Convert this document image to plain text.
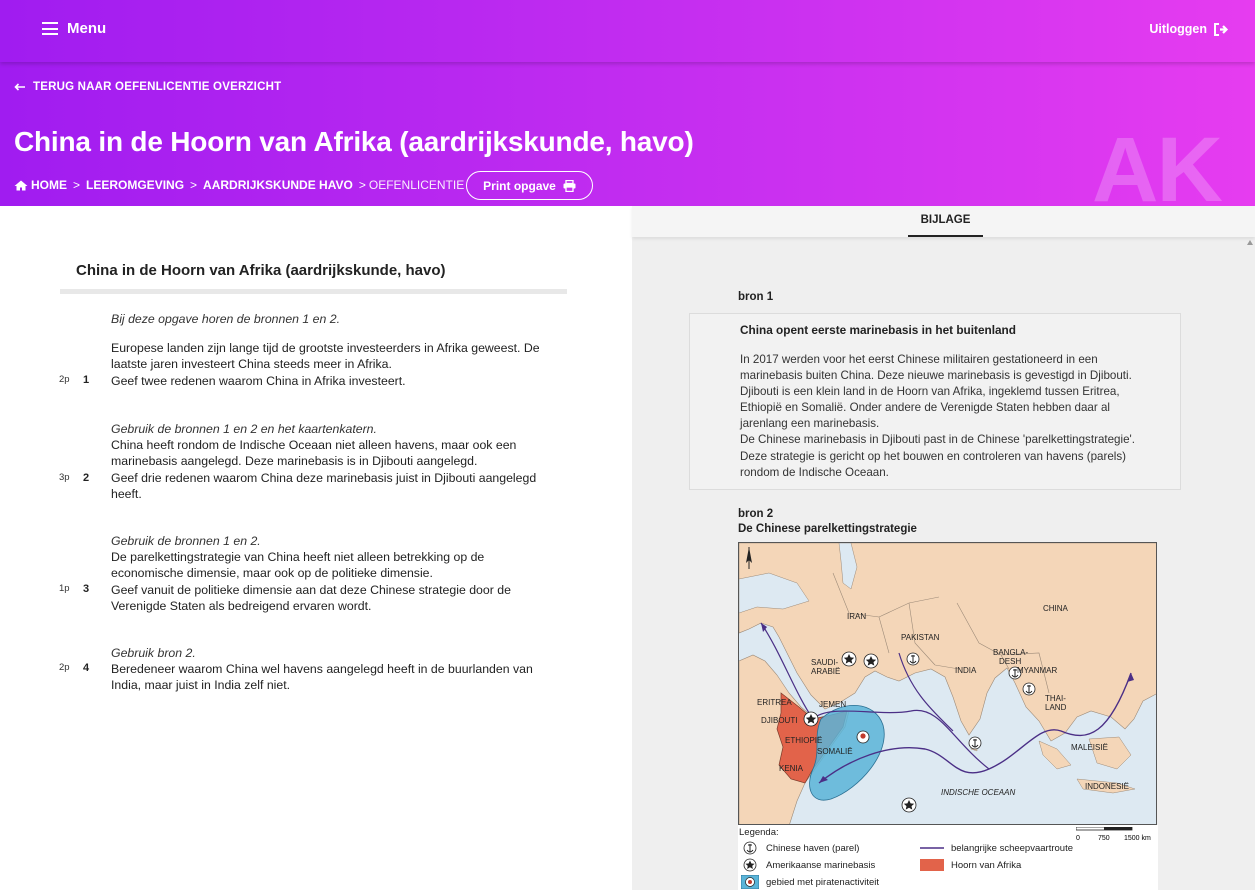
Menu	Uitloggen
TERUG NAAR OEFENLICENTIE OVERZICHT
China in de Hoorn van Afrika (aardrijkskunde, havo)
HOME > LEEROMGEVING > AARDRIJKSKUNDE HAVO > OEFENLICENTIE Print opgave	AK
China in de Hoorn van Afrika (aardrijkskunde, havo)
Bij deze opgave horen de bronnen 1 en 2.
Europese landen zijn lange tijd de grootste investeerders in Afrika geweest. De laatste jaren investeert China steeds meer in Afrika.
2p 1 Geef twee redenen waarom China in Afrika investeert.
Gebruik de bronnen 1 en 2 en het kaartenkatern.
China heeft rondom de Indische Oceaan niet alleen havens, maar ook een marinebasis aangelegd. Deze marinebasis is in Djibouti aangelegd.
3p 2 Geef drie redenen waarom China deze marinebasis juist in Djibouti aangelegd heeft.
Gebruik de bronnen 1 en 2.
De parelkettingstrategie van China heeft niet alleen betrekking op de economische dimensie, maar ook op de politieke dimensie.
1p 3 Geef vanuit de politieke dimensie aan dat deze Chinese strategie door de Verenigde Staten als bedreigend ervaren wordt.
Gebruik bron 2.
2p 4 Beredeneer waarom China wel havens aangelegd heeft in de buurlanden van India, maar juist in India zelf niet.
BIJLAGE
bron 1
China opent eerste marinebasis in het buitenland
In 2017 werden voor het eerst Chinese militairen gestationeerd in een marinebasis buiten China. Deze nieuwe marinebasis is gevestigd in Djibouti. Djibouti is een klein land in de Hoorn van Afrika, ingeklemd tussen Eritrea, Ethiopië en Somalië. Onder andere de Verenigde Staten hebben daar al jarenlang een marinebasis.
De Chinese marinebasis in Djibouti past in de Chinese 'parelkettingstrategie'. Deze strategie is gericht op het bouwen en controleren van havens (parels) rondom de Indische Oceaan.
bron 2
De Chinese parelkettingstrategie
IRAN
CHINA
PAKISTAN
SAUDI-
ARABIË	INDIA
BANGLA-
DESH
MYANMAR
THAI-
LAND
ERITREA	JEMEN
DJIBOUTI
ETHIOPIË
SOMALIË
KENIA
MALEISIË
INDONESIË
INDISCHE OCEAAN
Legenda:
0	750 1500 km
Chinese haven (parel)
Amerikaanse marinebasis
gebied met piratenactiviteit
belangrijke scheepvaartroute
Hoorn van Afrika
